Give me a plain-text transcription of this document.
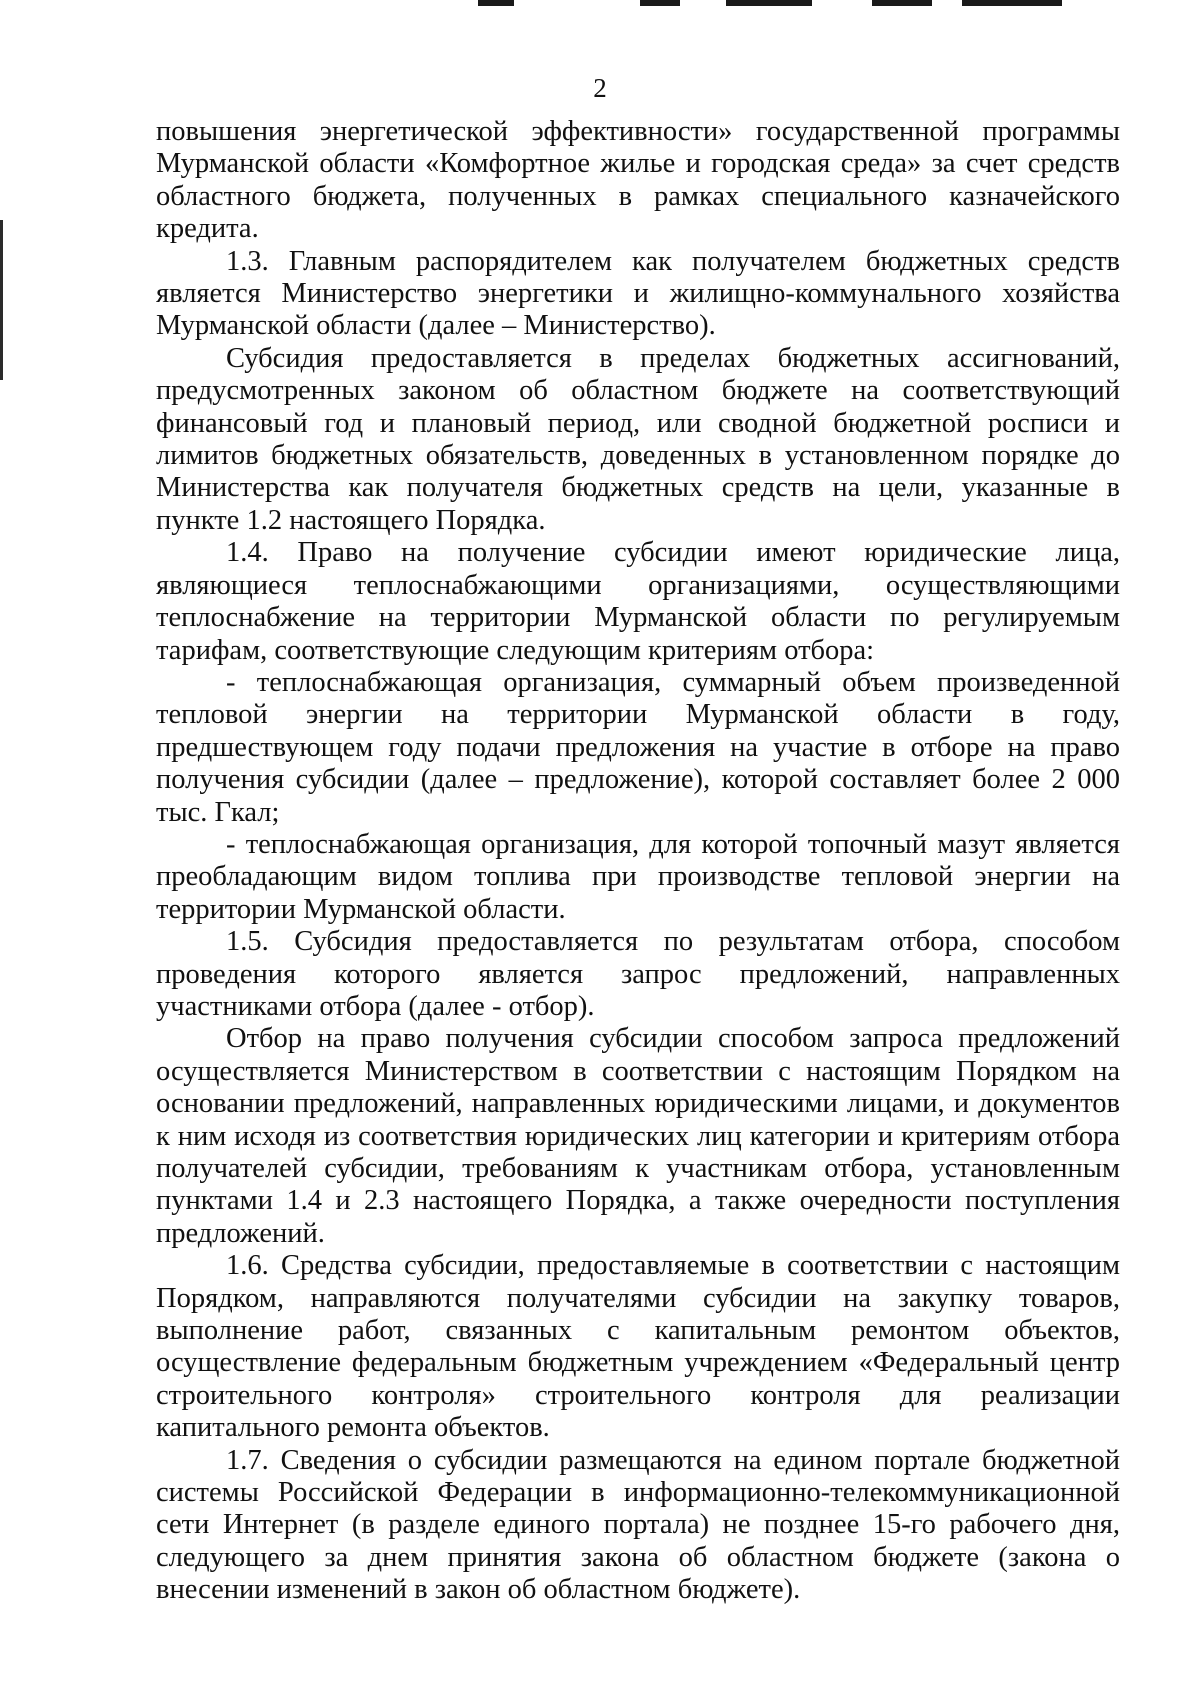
2

повышения энергетической эффективности» государственной программы Мурманской области «Комфортное жилье и городская среда» за счет средств областного бюджета, полученных в рамках специального казначейского кредита.

1.3. Главным распорядителем как получателем бюджетных средств является Министерство энергетики и жилищно-коммунального хозяйства Мурманской области (далее – Министерство).

Субсидия предоставляется в пределах бюджетных ассигнований, предусмотренных законом об областном бюджете на соответствующий финансовый год и плановый период, или сводной бюджетной росписи и лимитов бюджетных обязательств, доведенных в установленном порядке до Министерства как получателя бюджетных средств на цели, указанные в пункте 1.2 настоящего Порядка.

1.4. Право на получение субсидии имеют юридические лица, являющиеся теплоснабжающими организациями, осуществляющими теплоснабжение на территории Мурманской области по регулируемым тарифам, соответствующие следующим критериям отбора:

- теплоснабжающая организация, суммарный объем произведенной тепловой энергии на территории Мурманской области в году, предшествующем году подачи предложения на участие в отборе на право получения субсидии (далее – предложение), которой составляет более 2 000 тыс. Гкал;

- теплоснабжающая организация, для которой топочный мазут является преобладающим видом топлива при производстве тепловой энергии на территории Мурманской области.

1.5. Субсидия предоставляется по результатам отбора, способом проведения которого является запрос предложений, направленных участниками отбора (далее - отбор).

Отбор на право получения субсидии способом запроса предложений осуществляется Министерством в соответствии с настоящим Порядком на основании предложений, направленных юридическими лицами, и документов к ним исходя из соответствия юридических лиц категории и критериям отбора получателей субсидии, требованиям к участникам отбора, установленным пунктами 1.4 и 2.3 настоящего Порядка, а также очередности поступления предложений.

1.6. Средства субсидии, предоставляемые в соответствии с настоящим Порядком, направляются получателями субсидии на закупку товаров, выполнение работ, связанных с капитальным ремонтом объектов, осуществление федеральным бюджетным учреждением «Федеральный центр строительного контроля» строительного контроля для реализации капитального ремонта объектов.

1.7. Сведения о субсидии размещаются на едином портале бюджетной системы Российской Федерации в информационно-телекоммуникационной сети Интернет (в разделе единого портала) не позднее 15-го рабочего дня, следующего за днем принятия закона об областном бюджете (закона о внесении изменений в закон об областном бюджете).
